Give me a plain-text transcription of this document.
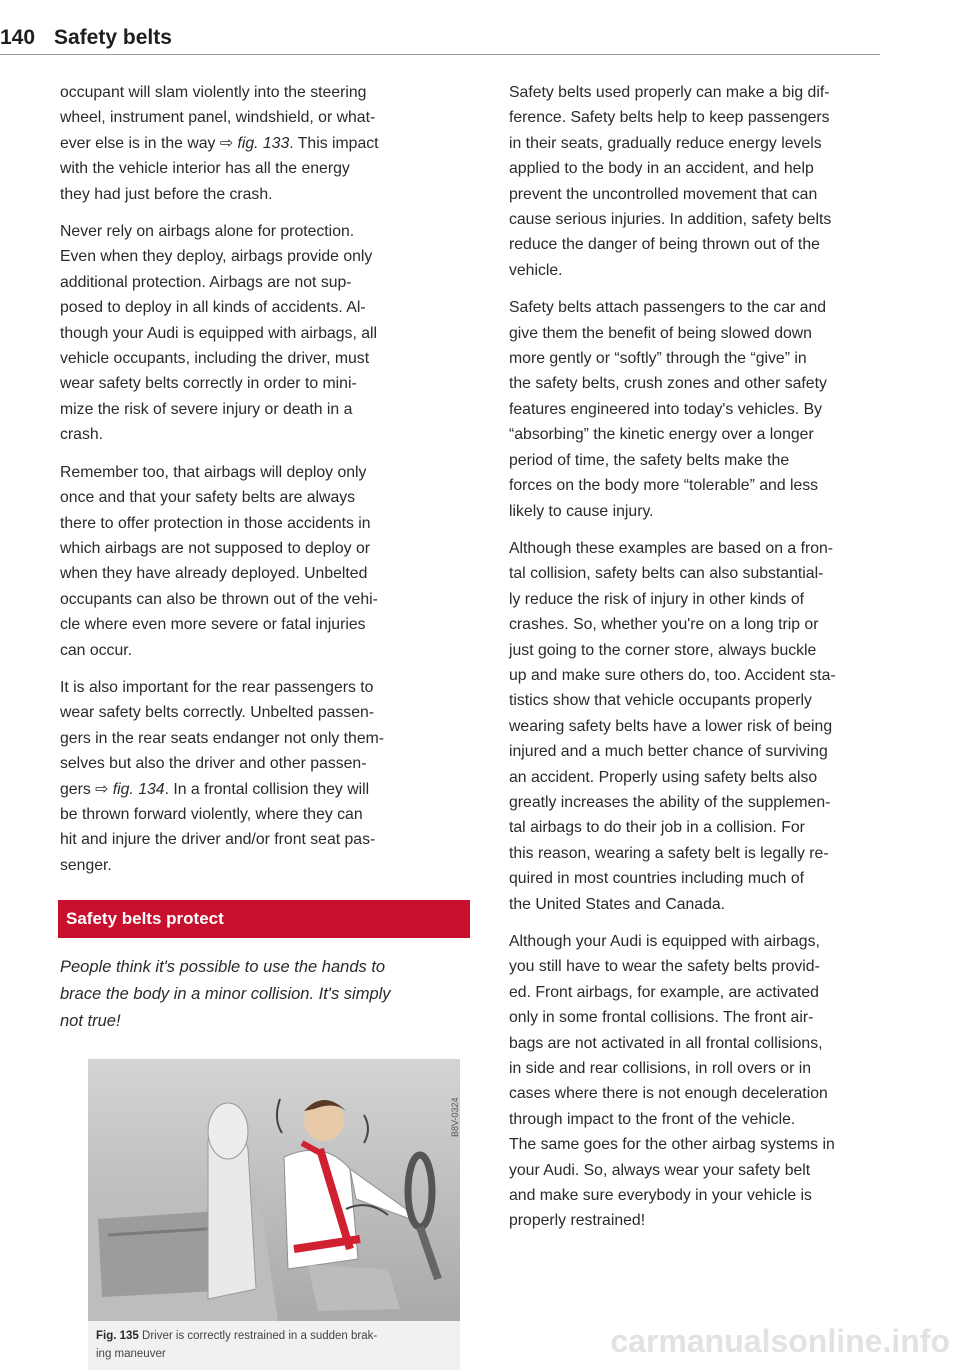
140 Safety belts

occupant will slam violently into the steering
wheel, instrument panel, windshield, or what-
ever else is in the way ⇨ fig. 133. This impact
with the vehicle interior has all the energy
they had just before the crash.

Never rely on airbags alone for protection.
Even when they deploy, airbags provide only
additional protection. Airbags are not sup-
posed to deploy in all kinds of accidents. Al-
though your Audi is equipped with airbags, all
vehicle occupants, including the driver, must
wear safety belts correctly in order to mini-
mize the risk of severe injury or death in a
crash.

Remember too, that airbags will deploy only
once and that your safety belts are always
there to offer protection in those accidents in
which airbags are not supposed to deploy or
when they have already deployed. Unbelted
occupants can also be thrown out of the vehi-
cle where even more severe or fatal injuries
can occur.

It is also important for the rear passengers to
wear safety belts correctly. Unbelted passen-
gers in the rear seats endanger not only them-
selves but also the driver and other passen-
gers ⇨ fig. 134. In a frontal collision they will
be thrown forward violently, where they can
hit and injure the driver and/or front seat pas-
senger.

Safety belts protect
People think it's possible to use the hands to
brace the body in a minor collision. It's simply
not true!
B8V-0324
Fig. 135 Driver is correctly restrained in a sudden brak-
ing maneuver

Safety belts used properly can make a big dif-
ference. Safety belts help to keep passengers
in their seats, gradually reduce energy levels
applied to the body in an accident, and help
prevent the uncontrolled movement that can
cause serious injuries. In addition, safety belts
reduce the danger of being thrown out of the
vehicle.

Safety belts attach passengers to the car and
give them the benefit of being slowed down
more gently or “softly” through the “give” in
the safety belts, crush zones and other safety
features engineered into today's vehicles. By
“absorbing” the kinetic energy over a longer
period of time, the safety belts make the
forces on the body more “tolerable” and less
likely to cause injury.

Although these examples are based on a fron-
tal collision, safety belts can also substantial-
ly reduce the risk of injury in other kinds of
crashes. So, whether you're on a long trip or
just going to the corner store, always buckle
up and make sure others do, too. Accident sta-
tistics show that vehicle occupants properly
wearing safety belts have a lower risk of being
injured and a much better chance of surviving
an accident. Properly using safety belts also
greatly increases the ability of the supplemen-
tal airbags to do their job in a collision. For
this reason, wearing a safety belt is legally re-
quired in most countries including much of
the United States and Canada.

Although your Audi is equipped with airbags,
you still have to wear the safety belts provid-
ed. Front airbags, for example, are activated
only in some frontal collisions. The front air-
bags are not activated in all frontal collisions,
in side and rear collisions, in roll overs or in
cases where there is not enough deceleration
through impact to the front of the vehicle.
The same goes for the other airbag systems in
your Audi. So, always wear your safety belt
and make sure everybody in your vehicle is
properly restrained!

carmanualsonline.info
